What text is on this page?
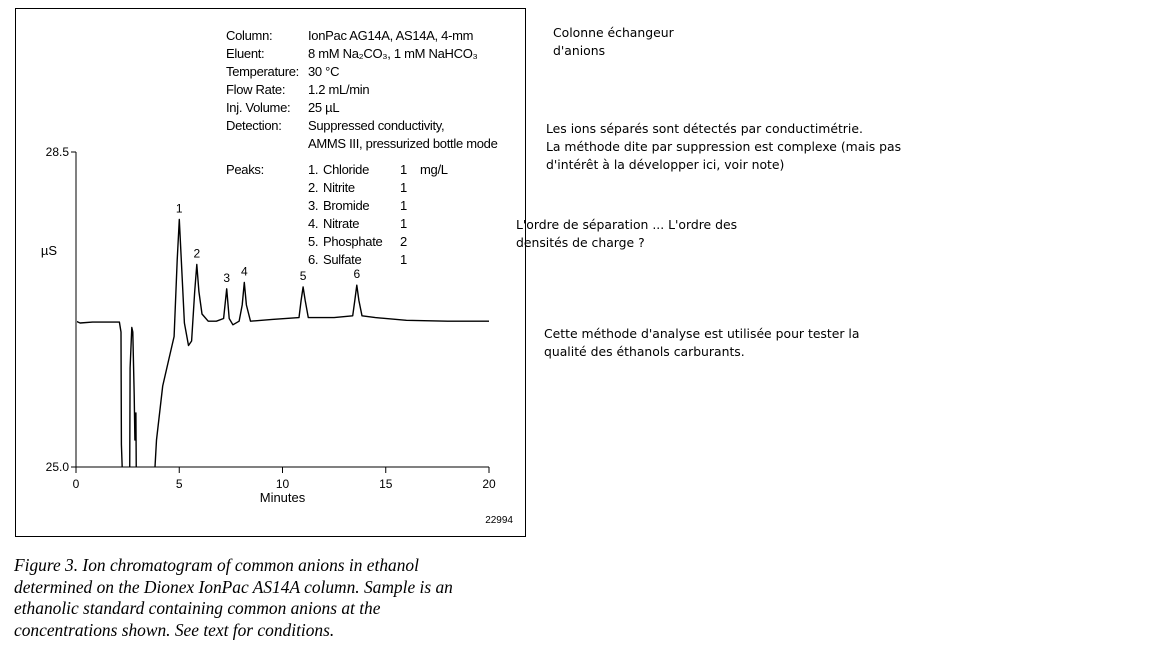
25.0
28.5
0	5	10	15	20
Minutes
µS
1
2
3 4	5	6
Column:	IonPac AG14A, AS14A, 4-mm
Eluent:	8 mM Na₂CO₃, 1 mM NaHCO₃
Temperature: 30 °C
Flow Rate: 1.2 mL/min
Inj. Volume: 25 µL
Detection: Suppressed conductivity,
AMMS III, pressurized bottle mode
Peaks:	1. Chloride 1 mg/L
2. Nitrite	1
3. Bromide 1
4. Nitrate	1
5. Phosphate 2
6. Sulfate	1
22994
Figure 3. Ion chromatogram of common anions in ethanol determined on the Dionex IonPac AS14A column. Sample is an ethanolic standard containing common anions at the concentrations shown. See text for conditions.
Colonne échangeur
d'anions
Les ions séparés sont détectés par conductimétrie.
La méthode dite par suppression est complexe (mais pas
d'intérêt à la développer ici, voir note)
L'ordre de séparation ... L'ordre des
densités de charge ?
Cette méthode d'analyse est utilisée pour tester la
qualité des éthanols carburants.
